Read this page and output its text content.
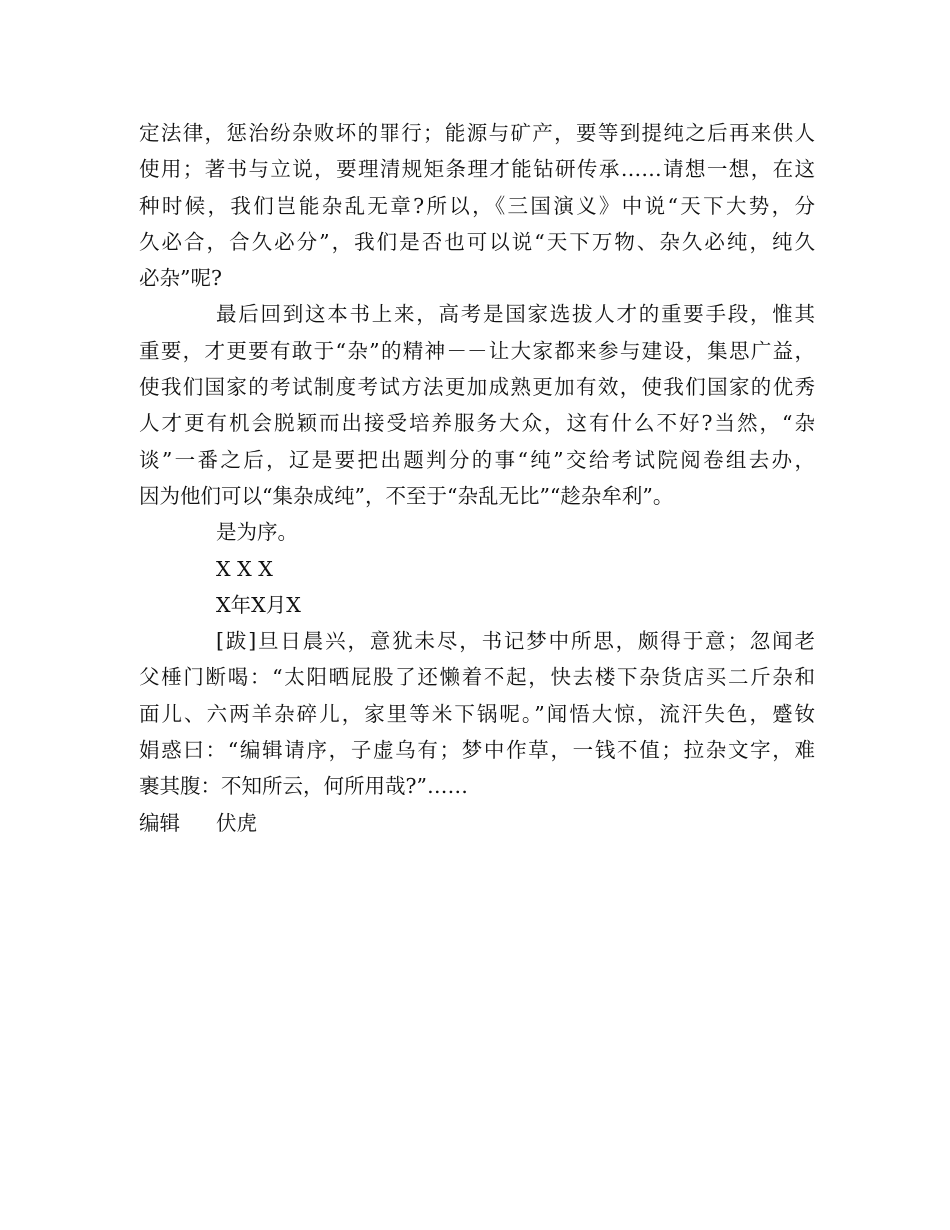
定法律，惩治纷杂败坏的罪行；能源与矿产，要等到提纯之后再来供人
使用；著书与立说，要理清规矩条理才能钻研传承……请想一想，在这
种时候，我们岂能杂乱无章?所以，《三国演义》中说“天下大势，分
久必合，合久必分”，我们是否也可以说“天下万物、杂久必纯，纯久
必杂”呢?
最后回到这本书上来，高考是国家选拔人才的重要手段，惟其
重要，才更要有敢于“杂”的精神－－让大家都来参与建设，集思广益，
使我们国家的考试制度考试方法更加成熟更加有效，使我们国家的优秀
人才更有机会脱颖而出接受培养服务大众，这有什么不好?当然，“杂
谈”一番之后，辽是要把出题判分的事“纯”交给考试院阅卷组去办，
因为他们可以“集杂成纯”，不至于“杂乱无比”“趁杂牟利”。
是为序。
X X X
X年X月X
[跋]旦日晨兴，意犹未尽，书记梦中所思，颇得于意；忽闻老
父棰门断喝：“太阳晒屁股了还懒着不起，快去楼下杂货店买二斤杂和
面儿、六两羊杂碎儿，家里等米下锅呢。”闻悟大惊，流汗失色，蹙钕
娟惑曰：“编辑请序，子虚乌有；梦中作草，一钱不值；拉杂文字，难
裹其腹：不知所云，何所用哉?”……
编辑 伏虎
